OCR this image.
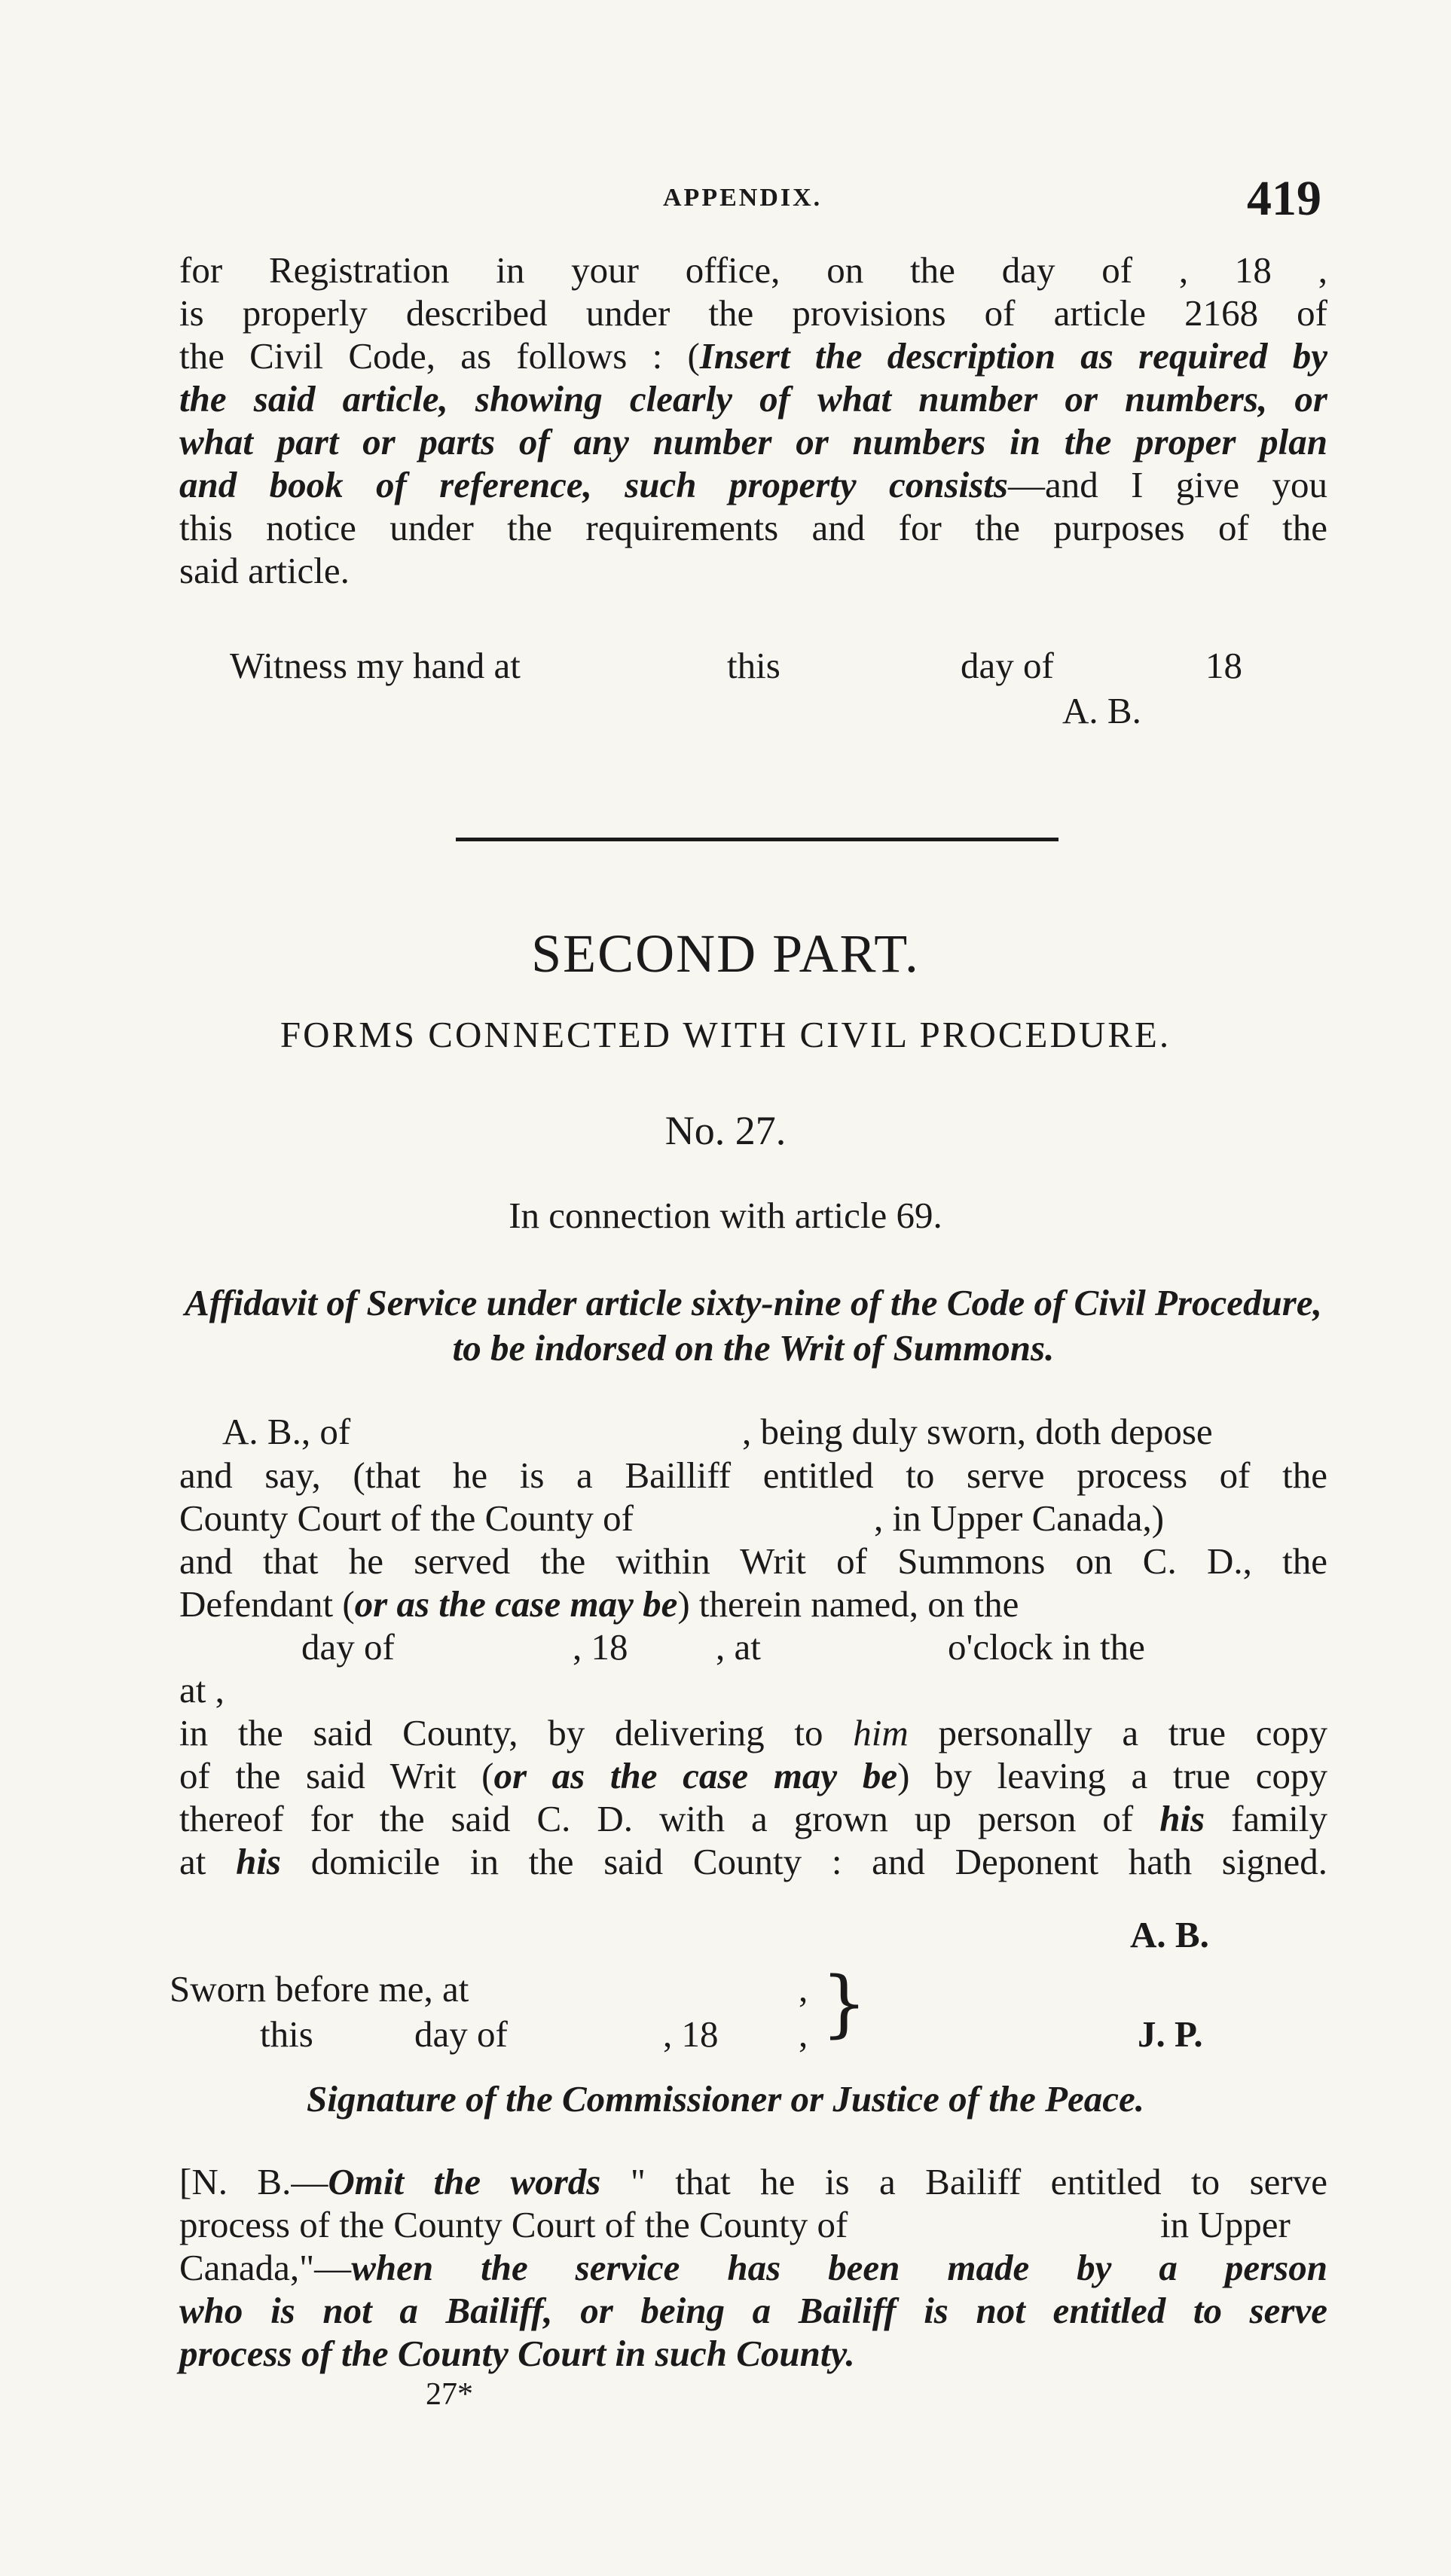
APPENDIX.	419
for Registration in your office, on the day of , 18 ,
is properly described under the provisions of article 2168 of
the Civil Code, as follows : (Insert the description as required by
the said article, showing clearly of what number or numbers, or
what part or parts of any number or numbers in the proper plan
and book of reference, such property consists—and I give you
this notice under the requirements and for the purposes of the
said article.
Witness my hand at	this	day of	18
A. B.
SECOND PART.
FORMS CONNECTED WITH CIVIL PROCEDURE.
No. 27.
In connection with article 69.
Affidavit of Service under article sixty-nine of the Code of Civil Procedure, to be indorsed on the Writ of Summons.
A. B., of	, being duly sworn, doth depose
and say, (that he is a Bailliff entitled to serve process of the
County Court of the County of	, in Upper Canada,)
and that he served the within Writ of Summons on C. D., the
Defendant (or as the case may be) therein named, on the
day of	, 18 , at	o'clock in the
at ,
in the said County, by delivering to him personally a true copy
of the said Writ (or as the case may be) by leaving a true copy
thereof for the said C. D. with a grown up person of his family
at his domicile in the said County : and Deponent hath signed.
A. B.
Sworn before me, at	,
this	day of	, 18 , }	J. P.
Signature of the Commissioner or Justice of the Peace.
[N. B.—Omit the words " that he is a Bailiff entitled to serve
process of the County Court of the County of	in Upper
Canada,"—when the service has been made by a person
who is not a Bailiff, or being a Bailiff is not entitled to serve
process of the County Court in such County.
27*
